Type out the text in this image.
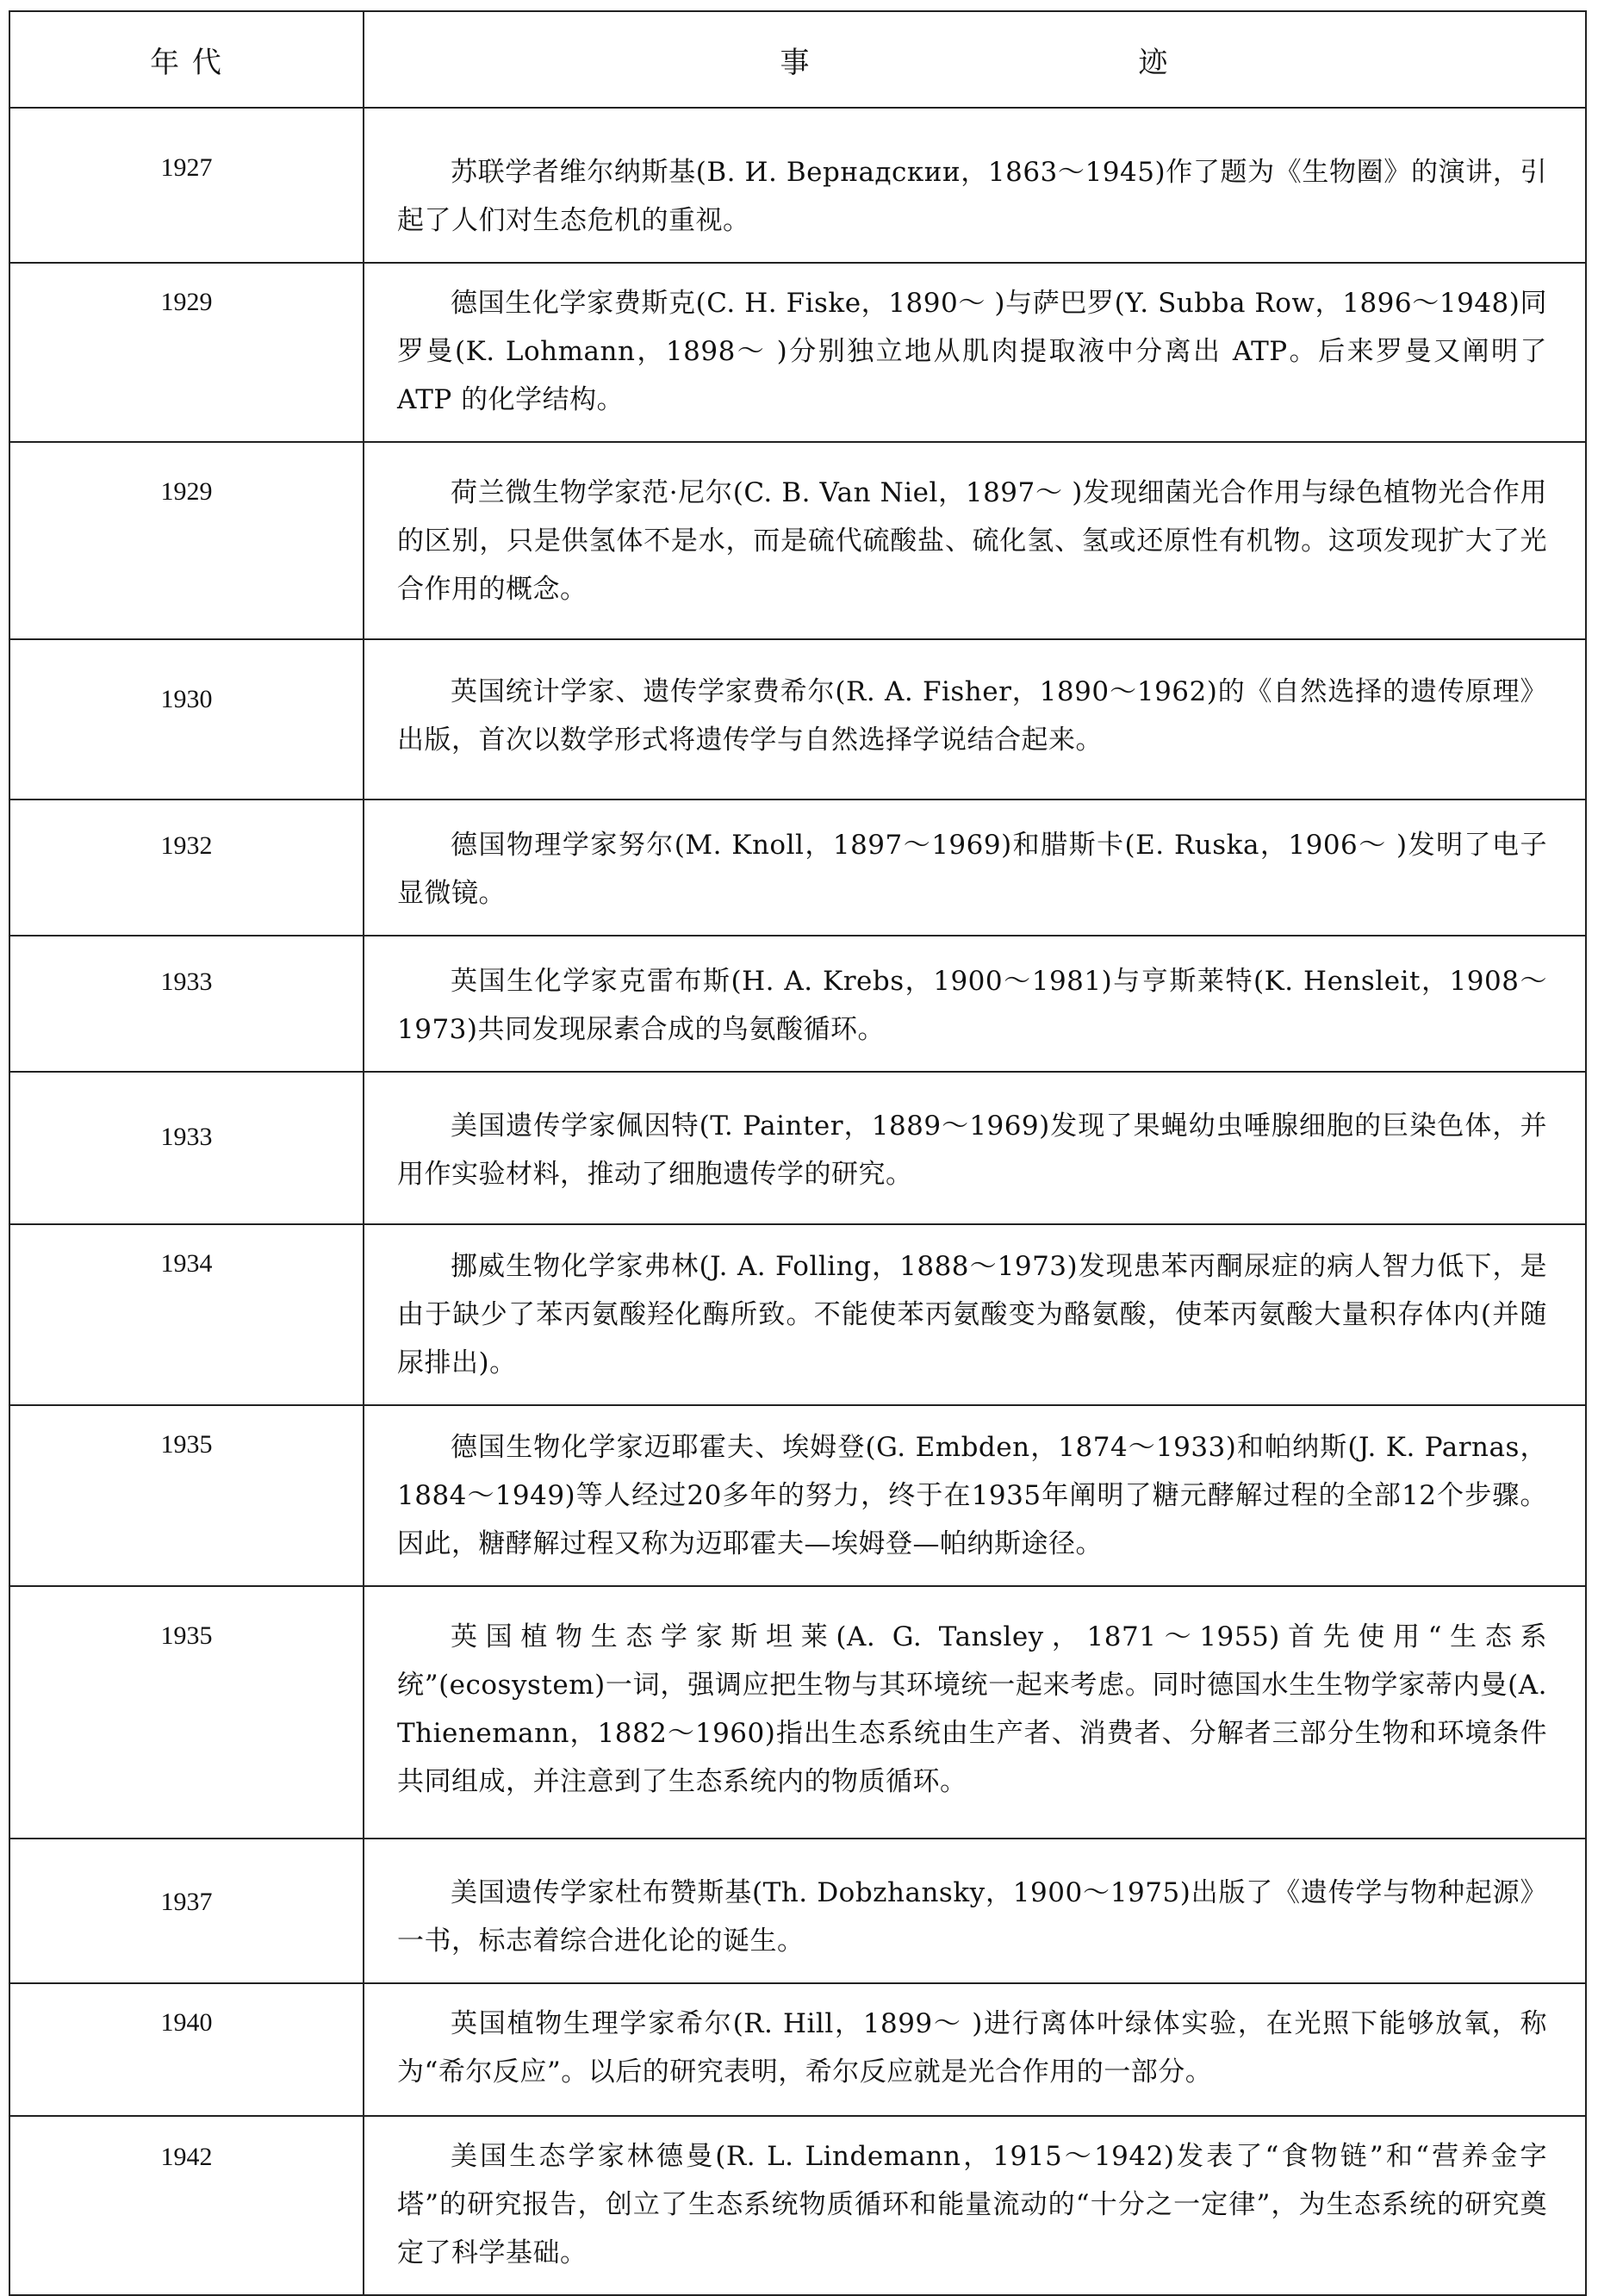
年 代	事 迹

1927	苏联学者维尔纳斯基(В. И. Вернадскии，1863～1945)作了题为《生物圈》的演讲，引起了人们对生态危机的重视。
1929	德国生化学家费斯克(C. H. Fiske，1890～ )与萨巴罗(Y. Subba Row，1896～1948)同罗曼(K. Lohmann，1898～ )分别独立地从肌肉提取液中分离出 ATP。后来罗曼又阐明了 ATP 的化学结构。
1929	荷兰微生物学家范·尼尔(C. B. Van Niel，1897～ )发现细菌光合作用与绿色植物光合作用的区别，只是供氢体不是水，而是硫代硫酸盐、硫化氢、氢或还原性有机物。这项发现扩大了光合作用的概念。
1930	英国统计学家、遗传学家费希尔(R. A. Fisher，1890～1962)的《自然选择的遗传原理》出版，首次以数学形式将遗传学与自然选择学说结合起来。
1932	德国物理学家努尔(M. Knoll，1897～1969)和腊斯卡(E. Ruska，1906～ )发明了电子显微镜。
1933	英国生化学家克雷布斯(H. A. Krebs，1900～1981)与亨斯莱特(K. Hensleit，1908～1973)共同发现尿素合成的鸟氨酸循环。
1933	美国遗传学家佩因特(T. Painter，1889～1969)发现了果蝇幼虫唾腺细胞的巨染色体，并用作实验材料，推动了细胞遗传学的研究。
1934	挪威生物化学家弗林(J. A. Folling，1888～1973)发现患苯丙酮尿症的病人智力低下，是由于缺少了苯丙氨酸羟化酶所致。不能使苯丙氨酸变为酪氨酸，使苯丙氨酸大量积存体内(并随尿排出)。
1935	德国生物化学家迈耶霍夫、埃姆登(G. Embden，1874～1933)和帕纳斯(J. K. Parnas，1884～1949)等人经过20多年的努力，终于在1935年阐明了糖元酵解过程的全部12个步骤。因此，糖酵解过程又称为迈耶霍夫—埃姆登—帕纳斯途径。
1935	英国植物生态学家斯坦莱(A. G. Tansley，1871～1955)首先使用“生态系统”(ecosystem)一词，强调应把生物与其环境统一起来考虑。同时德国水生生物学家蒂内曼(A. Thienemann，1882～1960)指出生态系统由生产者、消费者、分解者三部分生物和环境条件共同组成，并注意到了生态系统内的物质循环。
1937	美国遗传学家杜布赞斯基(Th. Dobzhansky，1900～1975)出版了《遗传学与物种起源》一书，标志着综合进化论的诞生。
1940	英国植物生理学家希尔(R. Hill，1899～ )进行离体叶绿体实验，在光照下能够放氧，称为“希尔反应”。以后的研究表明，希尔反应就是光合作用的一部分。
1942	美国生态学家林德曼(R. L. Lindemann，1915～1942)发表了“食物链”和“营养金字塔”的研究报告，创立了生态系统物质循环和能量流动的“十分之一定律”，为生态系统的研究奠定了科学基础。
